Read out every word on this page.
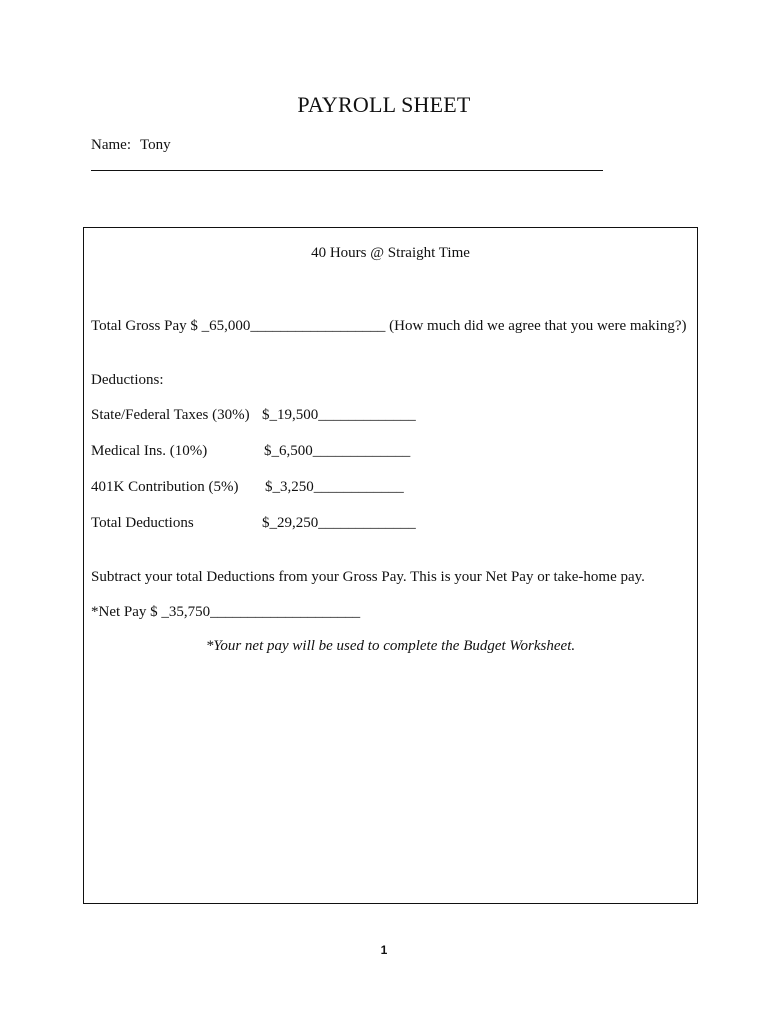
PAYROLL SHEET
Name: Tony
40 Hours @ Straight Time
Total Gross Pay $ _65,000__________________ (How much did we agree that you were making?)
Deductions:
State/Federal Taxes (30%) $_19,500_____________
Medical Ins. (10%)	$_6,500_____________
401K Contribution (5%) $_3,250____________
Total Deductions	$_29,250_____________
Subtract your total Deductions from your Gross Pay. This is your Net Pay or take-home pay.
*Net Pay $ _35,750____________________
*Your net pay will be used to complete the Budget Worksheet.
1
